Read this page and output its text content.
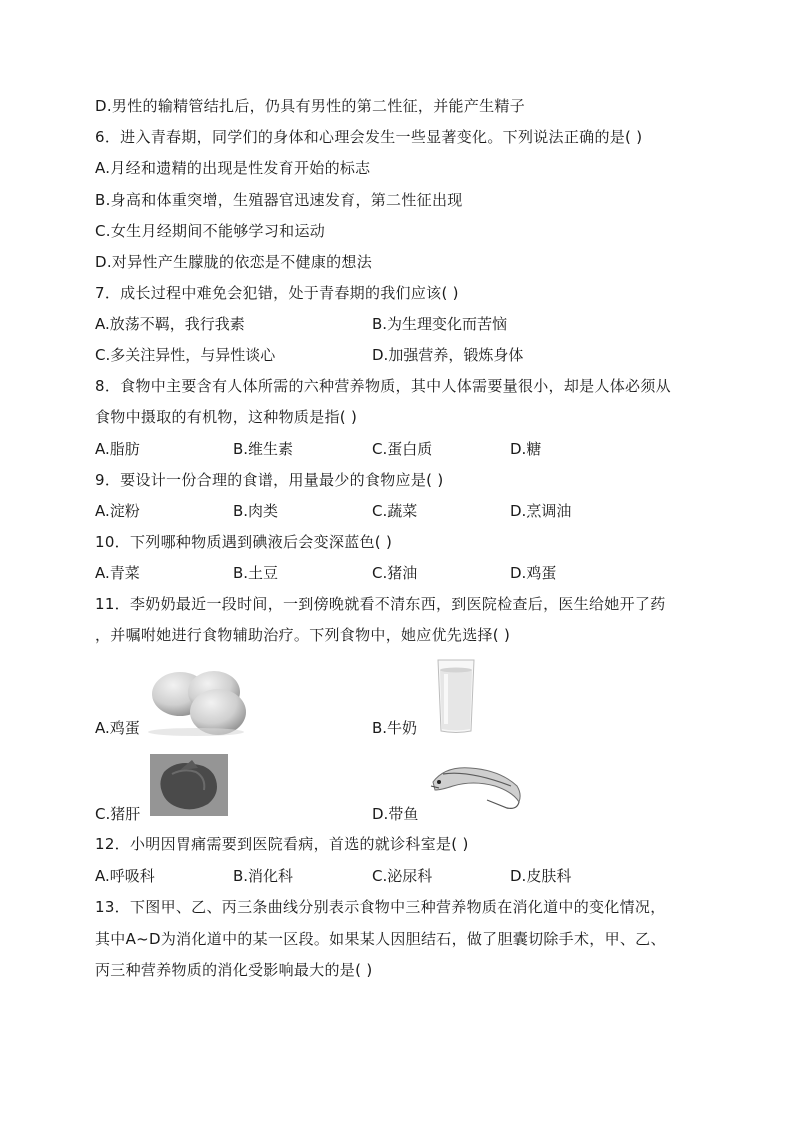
D.男性的输精管结扎后，仍具有男性的第二性征，并能产生精子
6．进入青春期，同学们的身体和心理会发生一些显著变化。下列说法正确的是( )
A.月经和遗精的出现是性发育开始的标志
B.身高和体重突增，生殖器官迅速发育，第二性征出现
C.女生月经期间不能够学习和运动
D.对异性产生朦胧的依恋是不健康的想法
7．成长过程中难免会犯错，处于青春期的我们应该( )
A.放荡不羁，我行我素	B.为生理变化而苦恼
C.多关注异性，与异性谈心	D.加强营养，锻炼身体
8．食物中主要含有人体所需的六种营养物质，其中人体需要量很小，却是人体必须从
食物中摄取的有机物，这种物质是指( )
A.脂肪	B.维生素	C.蛋白质	D.糖
9．要设计一份合理的食谱，用量最少的食物应是( )
A.淀粉	B.肉类	C.蔬菜	D.烹调油
10．下列哪种物质遇到碘液后会变深蓝色( )
A.青菜	B.土豆	C.猪油	D.鸡蛋
11．李奶奶最近一段时间，一到傍晚就看不清东西，到医院检查后，医生给她开了药
，并嘱咐她进行食物辅助治疗。下列食物中，她应优先选择( )
A.鸡蛋	B.牛奶
C.猪肝	D.带鱼
12．小明因胃痛需要到医院看病，首选的就诊科室是( )
A.呼吸科	B.消化科	C.泌尿科	D.皮肤科
13．下图甲、乙、丙三条曲线分别表示食物中三种营养物质在消化道中的变化情况，
其中A~D为消化道中的某一区段。如果某人因胆结石，做了胆囊切除手术，甲、乙、
丙三种营养物质的消化受影响最大的是( )
